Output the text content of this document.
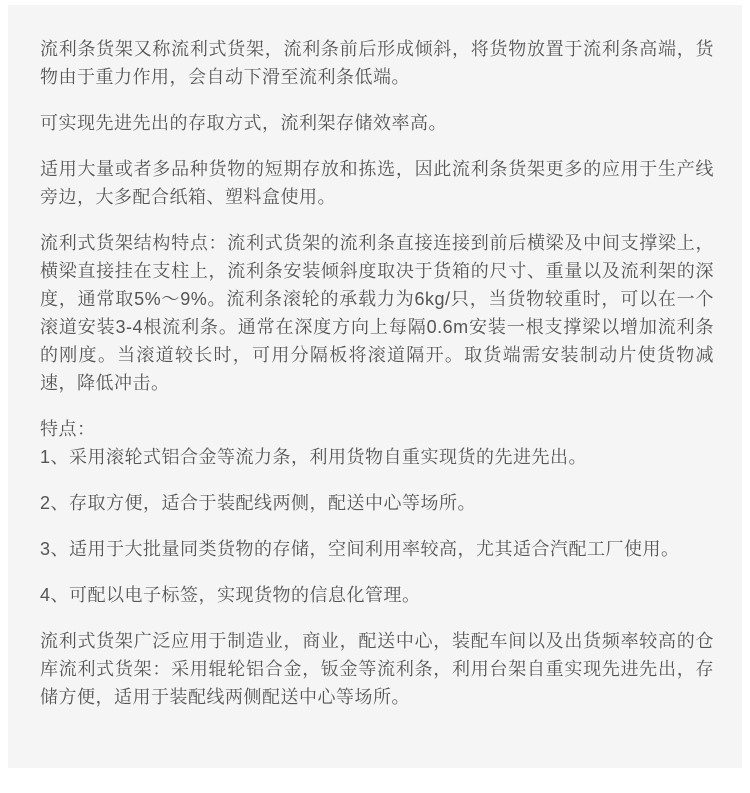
流利条货架又称流利式货架，流利条前后形成倾斜，将货物放置于流利条高端，货物由于重力作用，会自动下滑至流利条低端。

可实现先进先出的存取方式，流利架存储效率高。

适用大量或者多品种货物的短期存放和拣选，因此流利条货架更多的应用于生产线旁边，大多配合纸箱、塑料盒使用。

流利式货架结构特点：流利式货架的流利条直接连接到前后横梁及中间支撑梁上，横梁直接挂在支柱上，流利条安装倾斜度取决于货箱的尺寸、重量以及流利架的深度，通常取5%～9%。流利条滚轮的承载力为6kg/只，当货物较重时，可以在一个滚道安装3-4根流利条。通常在深度方向上每隔0.6m安装一根支撑梁以增加流利条的刚度。当滚道较长时，可用分隔板将滚道隔开。取货端需安装制动片使货物减速，降低冲击。

特点：

1、采用滚轮式铝合金等流力条，利用货物自重实现货的先进先出。

2、存取方便，适合于装配线两侧，配送中心等场所。

3、适用于大批量同类货物的存储，空间利用率较高，尤其适合汽配工厂使用。

4、可配以电子标签，实现货物的信息化管理。

流利式货架广泛应用于制造业，商业，配送中心，装配车间以及出货频率较高的仓库流利式货架：采用辊轮铝合金，钣金等流利条，利用台架自重实现先进先出，存储方便，适用于装配线两侧配送中心等场所。
